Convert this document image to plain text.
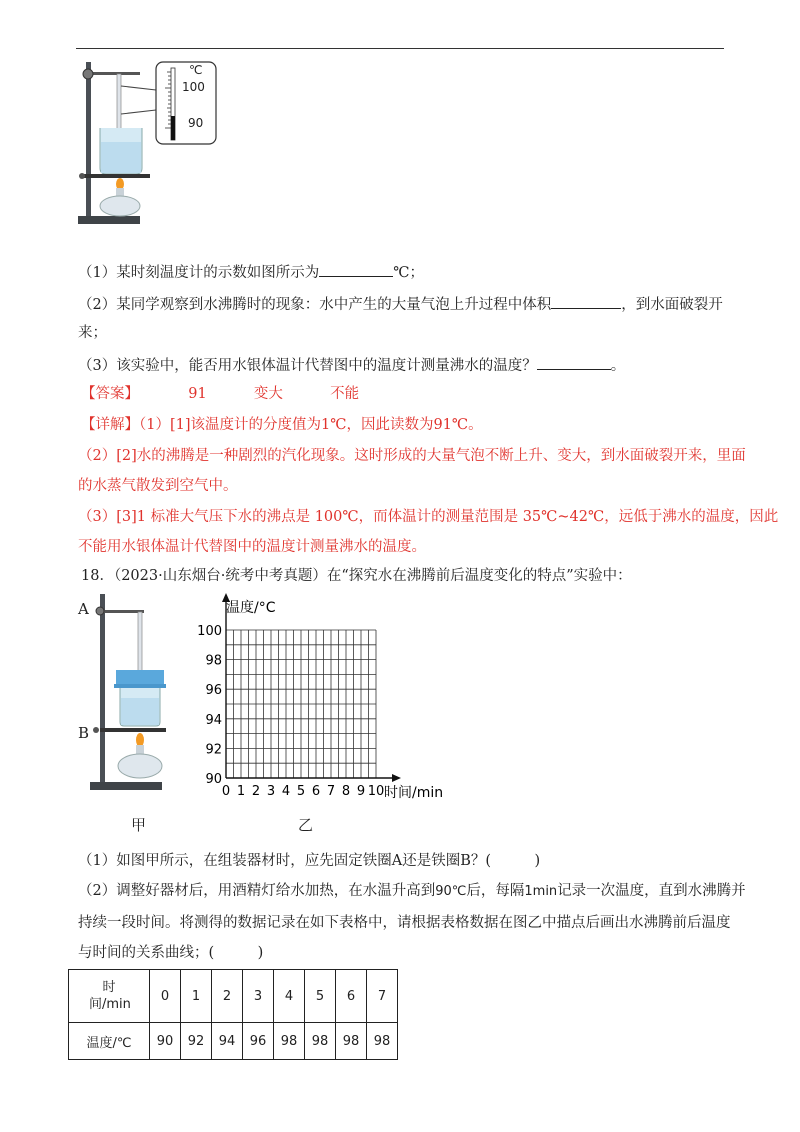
℃
100
90
（1）某时刻温度计的示数如图所示为	℃；
（2）某同学观察到水沸腾时的现象：水中产生的大量气泡上升过程中体积	，到水面破裂开
来；
（3）该实验中，能否用水银体温计代替图中的温度计测量沸水的温度？	。
【答案】	91	变大	不能
【详解】（1）[1]该温度计的分度值为1℃，因此读数为91℃。
（2）[2]水的沸腾是一种剧烈的汽化现象。这时形成的大量气泡不断上升、变大，到水面破裂开来，里面
的水蒸气散发到空气中。
（3）[3]1 标准大气压下水的沸点是 100℃，而体温计的测量范围是 35℃~42℃，远低于沸水的温度，因此
不能用水银体温计代替图中的温度计测量沸水的温度。
18．（2023·山东烟台·统考中考真题）在“探究水在沸腾前后温度变化的特点”实验中：
A
B
90
92
94
96
98
100
0 1 2 3 4 5 6 7 8 9 10
温度/°C
时间/min
甲	乙
（1）如图甲所示，在组装器材时，应先固定铁圈A还是铁圈B？(　　　)
（2）调整好器材后，用酒精灯给水加热，在水温升高到90℃后，每隔1min记录一次温度，直到水沸腾并
持续一段时间。将测得的数据记录在如下表格中，请根据表格数据在图乙中描点后画出水沸腾前后温度
与时间的关系曲线；(　　　)
时间/min	0	1	2	3	4	5	6	7
温度/℃	90	92	94	96	98	98	98	98
